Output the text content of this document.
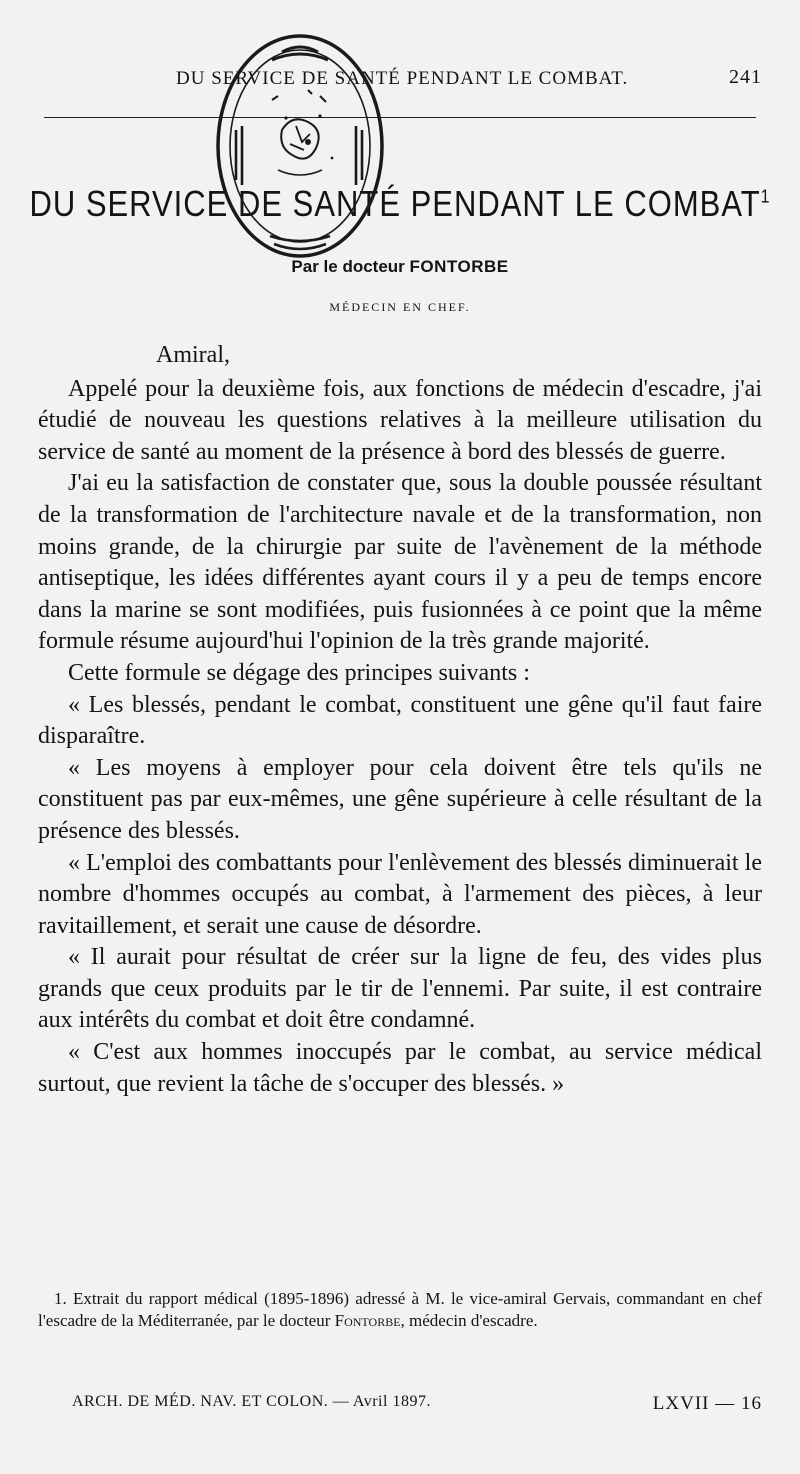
DU SERVICE DE SANTÉ PENDANT LE COMBAT.	241
DU SERVICE DE SANTÉ PENDANT LE COMBAT$^1$
Par le docteur FONTORBE
MÉDECIN EN CHEF.

Amiral,

Appelé pour la deuxième fois, aux fonctions de médecin d'escadre, j'ai étudié de nouveau les questions relatives à la meilleure utilisation du service de santé au moment de la présence à bord des blessés de guerre.

J'ai eu la satisfaction de constater que, sous la double poussée résultant de la transformation de l'architecture navale et de la transformation, non moins grande, de la chirurgie par suite de l'avènement de la méthode antiseptique, les idées différentes ayant cours il y a peu de temps encore dans la marine se sont modifiées, puis fusionnées à ce point que la même formule résume aujourd'hui l'opinion de la très grande majorité.

Cette formule se dégage des principes suivants :

« Les blessés, pendant le combat, constituent une gêne qu'il faut faire disparaître.

« Les moyens à employer pour cela doivent être tels qu'ils ne constituent pas par eux-mêmes, une gêne supérieure à celle résultant de la présence des blessés.

« L'emploi des combattants pour l'enlèvement des blessés diminuerait le nombre d'hommes occupés au combat, à l'armement des pièces, à leur ravitaillement, et serait une cause de désordre.

« Il aurait pour résultat de créer sur la ligne de feu, des vides plus grands que ceux produits par le tir de l'ennemi. Par suite, il est contraire aux intérêts du combat et doit être condamné.

« C'est aux hommes inoccupés par le combat, au service médical surtout, que revient la tâche de s'occuper des blessés. »

1. Extrait du rapport médical (1895-1896) adressé à M. le vice-amiral Gervais, commandant en chef l'escadre de la Méditerranée, par le docteur Fontorbe, médecin d'escadre.

ARCH. DE MÉD. NAV. ET COLON. — Avril 1897.	LXVII — 16
